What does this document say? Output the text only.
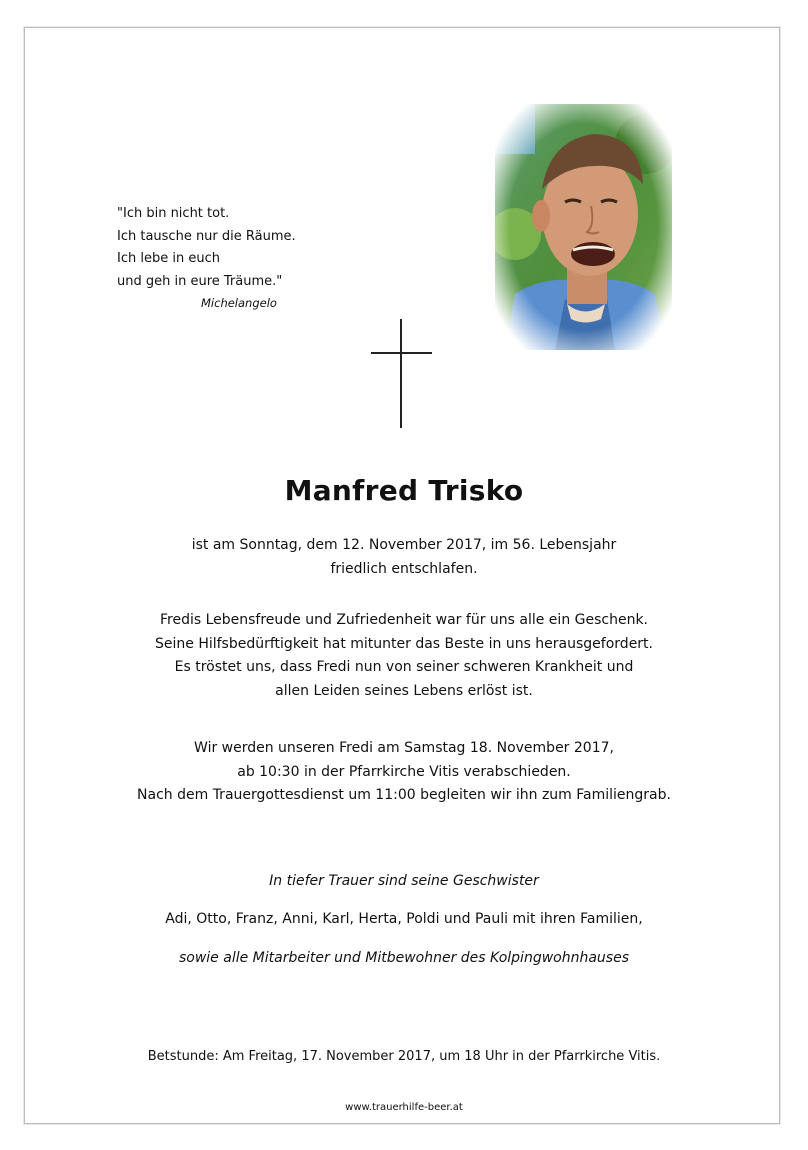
"Ich bin nicht tot.
Ich tausche nur die Räume.
Ich lebe in euch
und geh in eure Träume."
Michelangelo
Manfred Trisko
ist am Sonntag, dem 12. November 2017, im 56. Lebensjahr
friedlich entschlafen.
Fredis Lebensfreude und Zufriedenheit war für uns alle ein Geschenk.
Seine Hilfsbedürftigkeit hat mitunter das Beste in uns herausgefordert.
Es tröstet uns, dass Fredi nun von seiner schweren Krankheit und
allen Leiden seines Lebens erlöst ist.
Wir werden unseren Fredi am Samstag 18. November 2017,
ab 10:30 in der Pfarrkirche Vitis verabschieden.
Nach dem Trauergottesdienst um 11:00 begleiten wir ihn zum Familiengrab.
In tiefer Trauer sind seine Geschwister
Adi, Otto, Franz, Anni, Karl, Herta, Poldi und Pauli mit ihren Familien,
sowie alle Mitarbeiter und Mitbewohner des Kolpingwohnhauses
Betstunde: Am Freitag, 17. November 2017, um 18 Uhr in der Pfarrkirche Vitis.
www.trauerhilfe-beer.at
